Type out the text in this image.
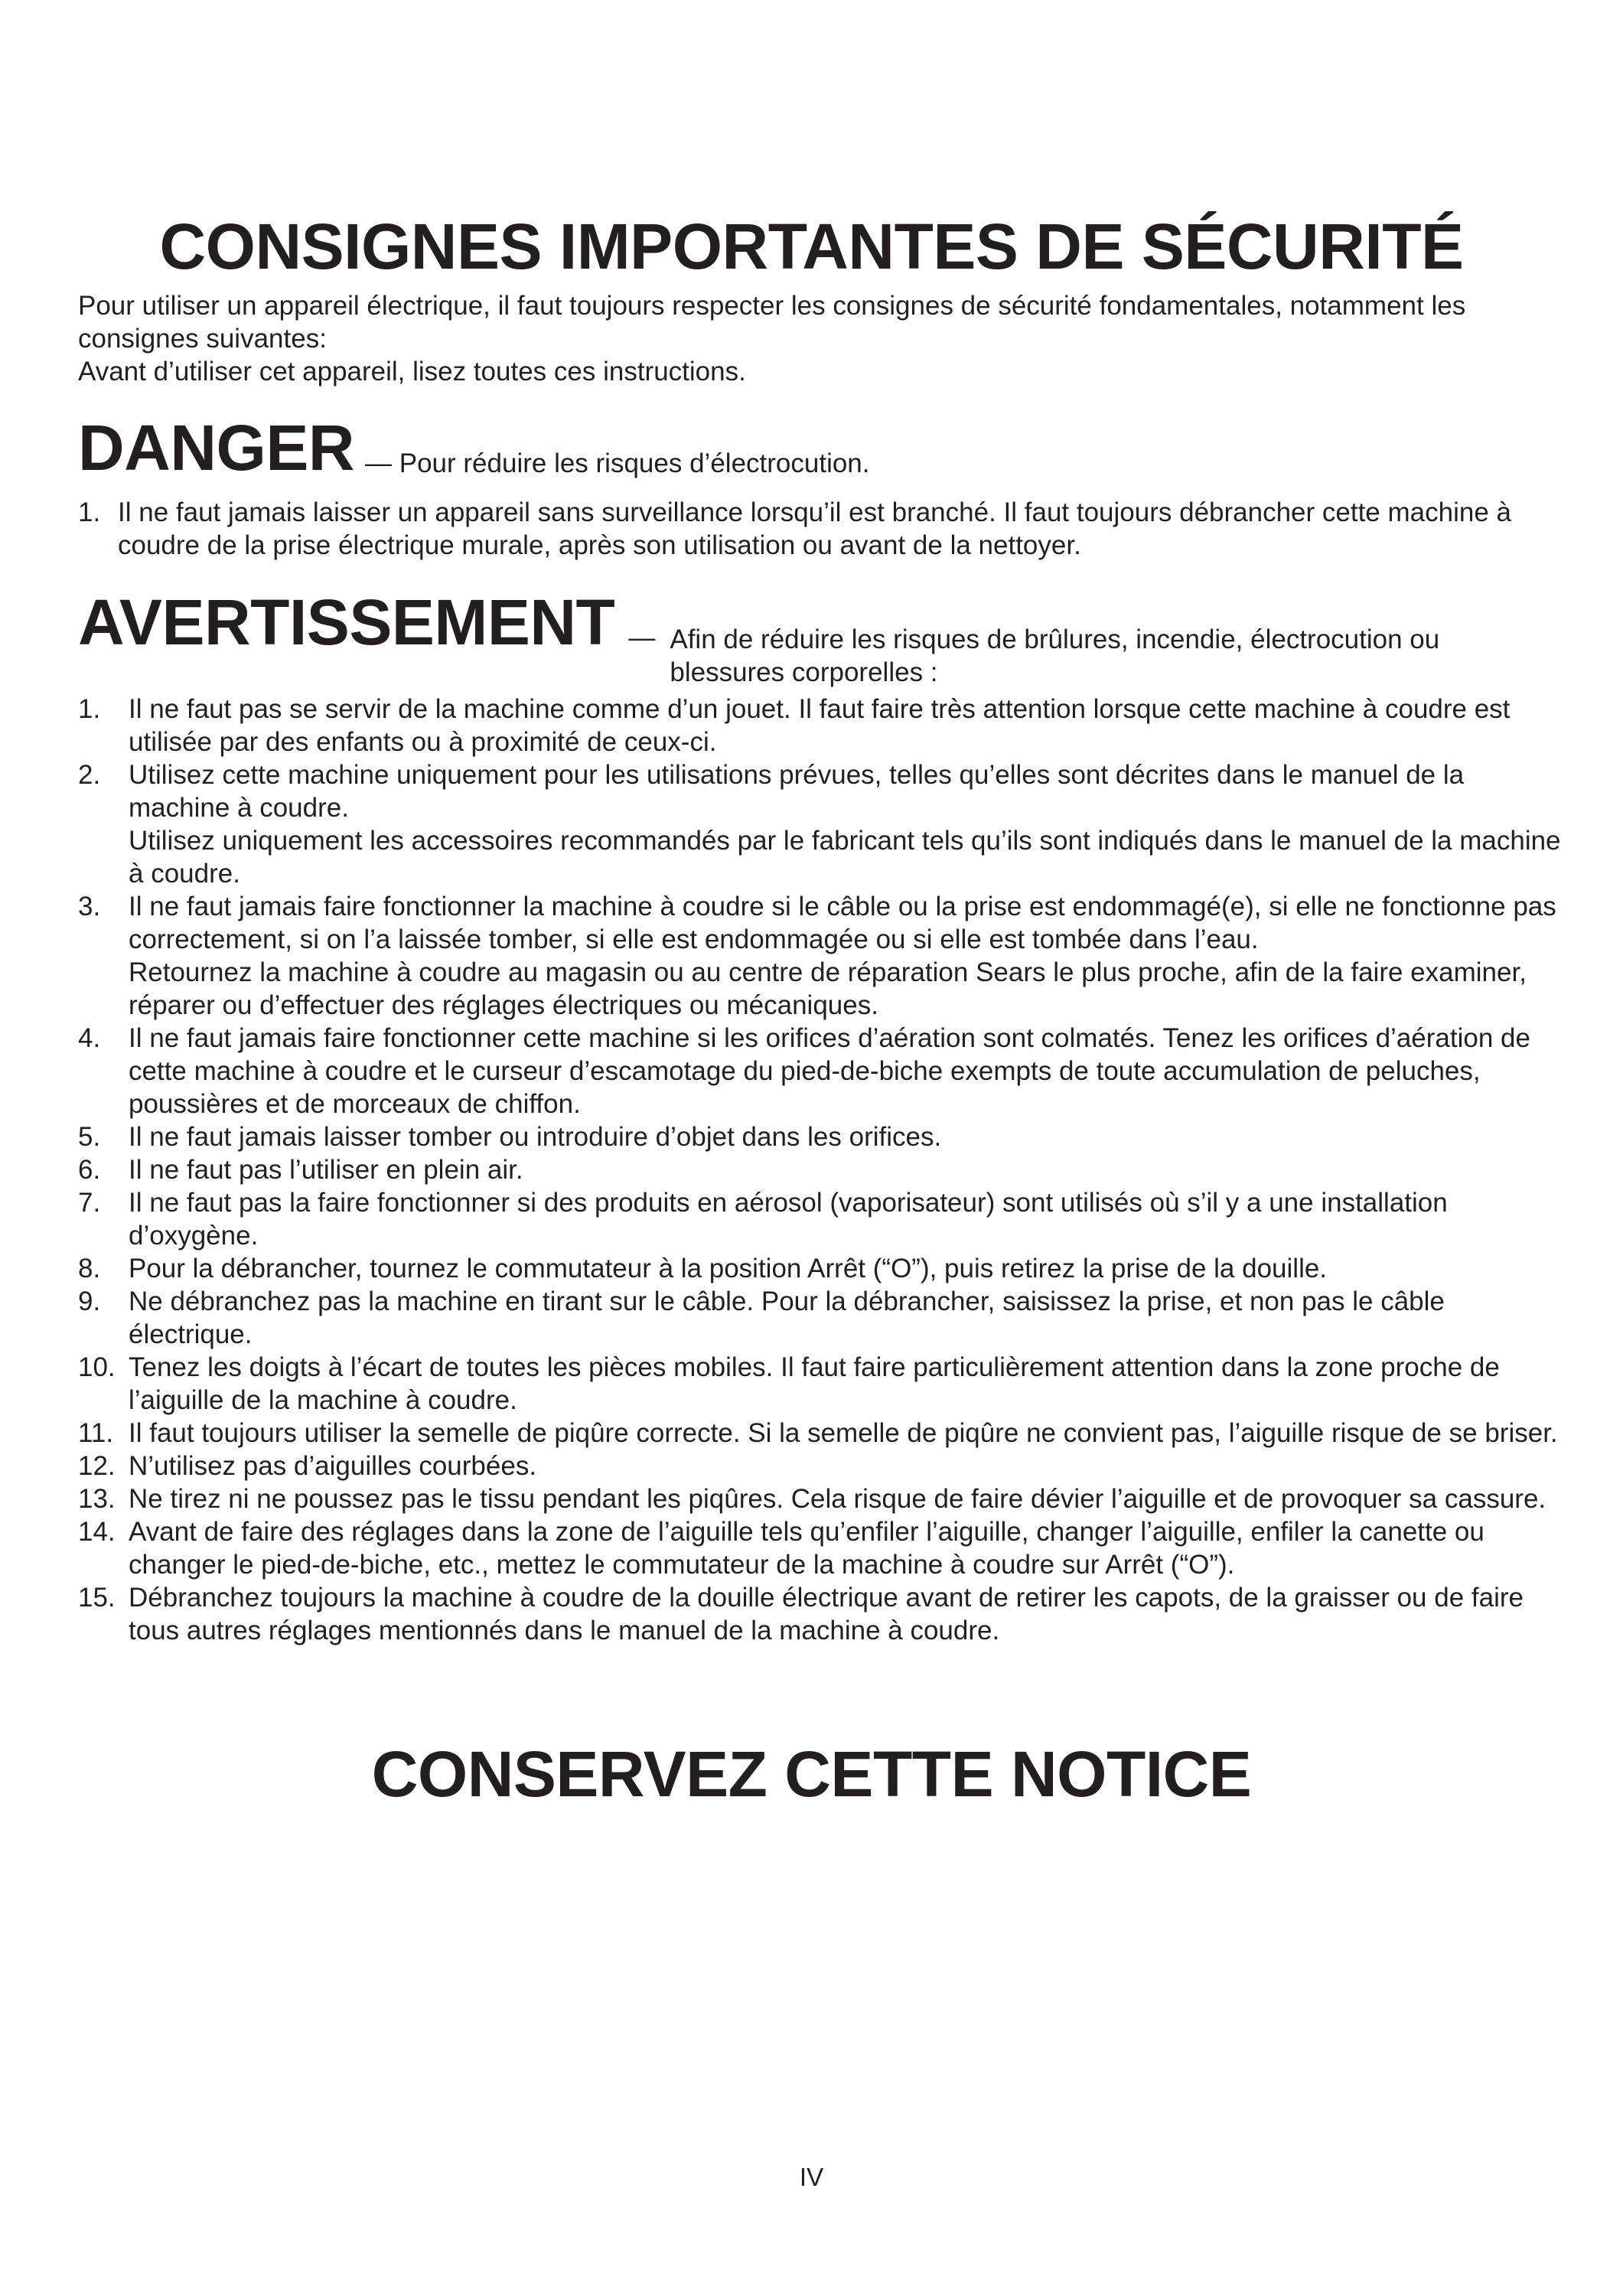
CONSIGNES IMPORTANTES DE SÉCURITÉ

Pour utiliser un appareil électrique, il faut toujours respecter les consignes de sécurité fondamentales, notamment les consignes suivantes:

Avant d’utiliser cet appareil, lisez toutes ces instructions.

DANGER — Pour réduire les risques d’électrocution.
1. Il ne faut jamais laisser un appareil sans surveillance lorsqu’il est branché. Il faut toujours débrancher cette machine à coudre de la prise électrique murale, après son utilisation ou avant de la nettoyer.
AVERTISSEMENT — Afin de réduire les risques de brûlures, incendie, électrocution ou blessures corporelles :
1. Il ne faut pas se servir de la machine comme d’un jouet. Il faut faire très attention lorsque cette machine à coudre est utilisée par des enfants ou à proximité de ceux-ci.
2. Utilisez cette machine uniquement pour les utilisations prévues, telles qu’elles sont décrites dans le manuel de la machine à coudre.
Utilisez uniquement les accessoires recommandés par le fabricant tels qu’ils sont indiqués dans le manuel de la machine à coudre.
3. Il ne faut jamais faire fonctionner la machine à coudre si le câble ou la prise est endommagé(e), si elle ne fonctionne pas correctement, si on l’a laissée tomber, si elle est endommagée ou si elle est tombée dans l’eau.
Retournez la machine à coudre au magasin ou au centre de réparation Sears le plus proche, afin de la faire examiner, réparer ou d’effectuer des réglages électriques ou mécaniques.
4. Il ne faut jamais faire fonctionner cette machine si les orifices d’aération sont colmatés. Tenez les orifices d’aération de cette machine à coudre et le curseur d’escamotage du pied-de-biche exempts de toute accumulation de peluches, poussières et de morceaux de chiffon.
5. Il ne faut jamais laisser tomber ou introduire d’objet dans les orifices.
6. Il ne faut pas l’utiliser en plein air.
7. Il ne faut pas la faire fonctionner si des produits en aérosol (vaporisateur) sont utilisés où s’il y a une installation d’oxygène.
8. Pour la débrancher, tournez le commutateur à la position Arrêt (“O”), puis retirez la prise de la douille.
9. Ne débranchez pas la machine en tirant sur le câble. Pour la débrancher, saisissez la prise, et non pas le câble électrique.
10. Tenez les doigts à l’écart de toutes les pièces mobiles. Il faut faire particulièrement attention dans la zone proche de l’aiguille de la machine à coudre.
11. Il faut toujours utiliser la semelle de piqûre correcte. Si la semelle de piqûre ne convient pas, l’aiguille risque de se briser.
12. N’utilisez pas d’aiguilles courbées.
13. Ne tirez ni ne poussez pas le tissu pendant les piqûres. Cela risque de faire dévier l’aiguille et de provoquer sa cassure.
14. Avant de faire des réglages dans la zone de l’aiguille tels qu’enfiler l’aiguille, changer l’aiguille, enfiler la canette ou changer le pied-de-biche, etc., mettez le commutateur de la machine à coudre sur Arrêt (“O”).
15. Débranchez toujours la machine à coudre de la douille électrique avant de retirer les capots, de la graisser ou de faire tous autres réglages mentionnés dans le manuel de la machine à coudre.
CONSERVEZ CETTE NOTICE
IV
